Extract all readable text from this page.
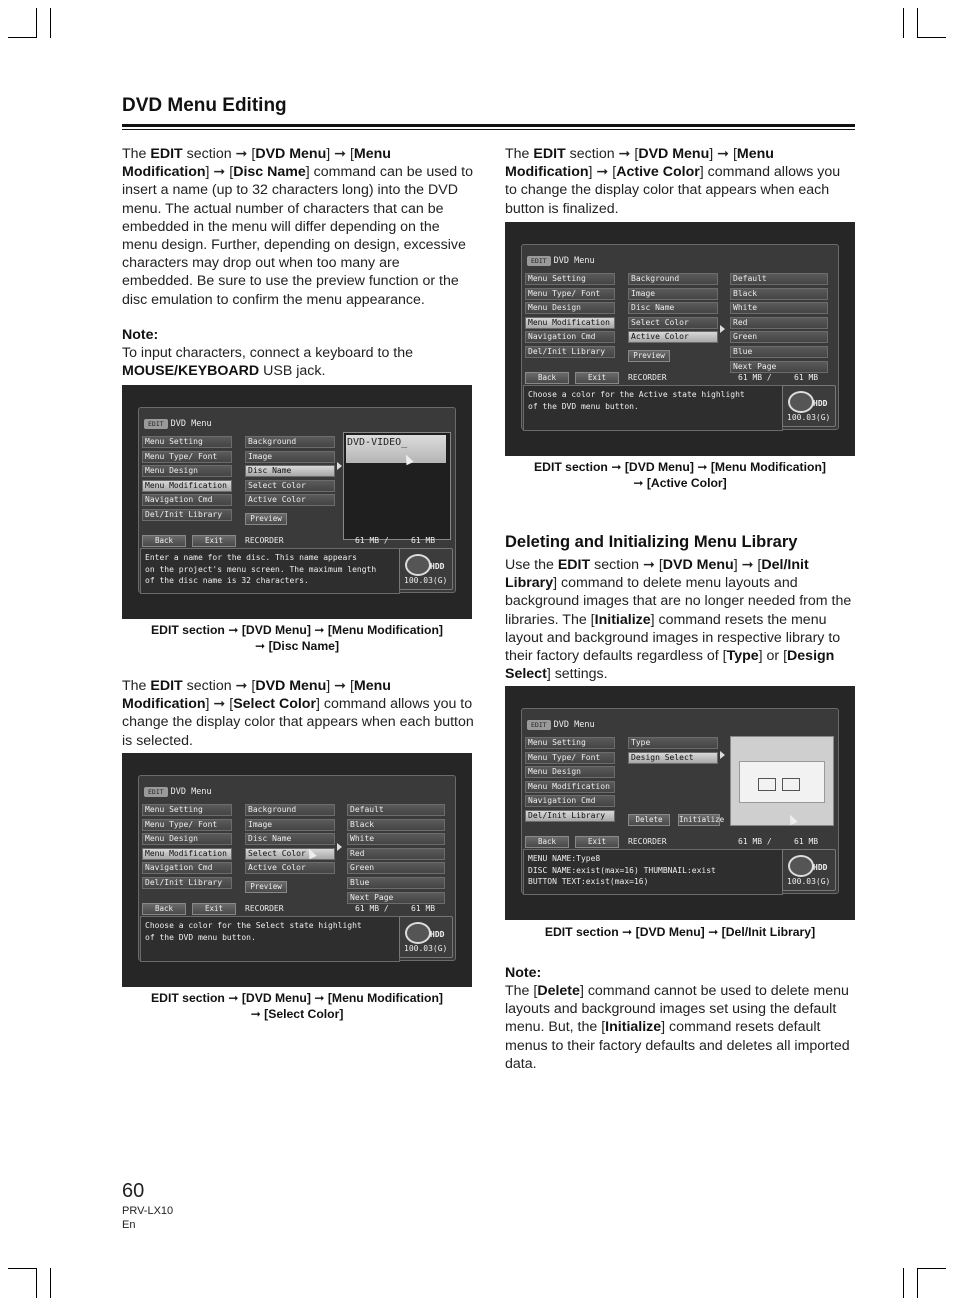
DVD Menu Editing
The EDIT section ➞ [DVD Menu] ➞ [Menu Modification] ➞ [Disc Name] command can be used to insert a name (up to 32 characters long) into the DVD menu. The actual number of characters that can be embedded in the menu will differ depending on the menu design. Further, depending on design, excessive characters may drop out when too many are embedded. Be sure to use the preview function or the disc emulation to confirm the menu appearance.
Note:
To input characters, connect a keyboard to the MOUSE/KEYBOARD USB jack.
EDIT DVD Menu
Menu Setting
Menu Type/ Font
Menu Design
Menu Modification
Navigation Cmd
Del/Init Library
Background
Image
Disc Name
Select Color
Active Color
Preview
DVD-VIDEO_
Back	Exit	RECORDER	61 MB /	61 MB
Enter a name for the disc. This name appears
on the project's menu screen. The maximum length
of the disc name is 32 characters.
HDD
100.03(G)
EDIT section ➞ [DVD Menu] ➞ [Menu Modification]
➞ [Disc Name]
The EDIT section ➞ [DVD Menu] ➞ [Menu Modification] ➞ [Select Color] command allows you to change the display color that appears when each button is selected.
EDIT DVD Menu
Menu Setting
Menu Type/ Font
Menu Design
Menu Modification
Navigation Cmd
Del/Init Library
Background
Image
Disc Name
Select Color
Active Color
Preview
Default
Black
White
Red
Green
Blue
Next Page
Back	Exit	RECORDER	61 MB /	61 MB
Choose a color for the Select state highlight
of the DVD menu button.	HDD
100.03(G)
EDIT section ➞ [DVD Menu] ➞ [Menu Modification]
➞ [Select Color]
The EDIT section ➞ [DVD Menu] ➞ [Menu Modification] ➞ [Active Color] command allows you to change the display color that appears when each button is finalized.
EDIT DVD Menu
Menu Setting
Menu Type/ Font
Menu Design
Menu Modification
Navigation Cmd
Del/Init Library
Background
Image
Disc Name
Select Color
Active Color
Preview
Default
Black
White
Red
Green
Blue
Next Page
Back	Exit	RECORDER	61 MB /	61 MB
Choose a color for the Active state highlight
of the DVD menu button.	HDD
100.03(G)
EDIT section ➞ [DVD Menu] ➞ [Menu Modification]
➞ [Active Color]
Deleting and Initializing Menu Library
Use the EDIT section ➞ [DVD Menu] ➞ [Del/Init Library] command to delete menu layouts and background images that are no longer needed from the libraries. The [Initialize] command resets the menu layout and background images in respective library to their factory defaults regardless of [Type] or [Design Select] settings.
EDIT DVD Menu
Menu Setting
Menu Type/ Font
Menu Design
Menu Modification
Navigation Cmd
Del/Init Library
Type
Design Select
Delete	Initialize
Back	Exit	RECORDER	61 MB /	61 MB
MENU NAME:Type8
DISC NAME:exist(max=16) THUMBNAIL:exist
BUTTON TEXT:exist(max=16)
HDD
100.03(G)
EDIT section ➞ [DVD Menu] ➞ [Del/Init Library]
Note:
The [Delete] command cannot be used to delete menu layouts and background images set using the default menu. But, the [Initialize] command resets default menus to their factory defaults and deletes all imported data.
60
PRV-LX10
En
